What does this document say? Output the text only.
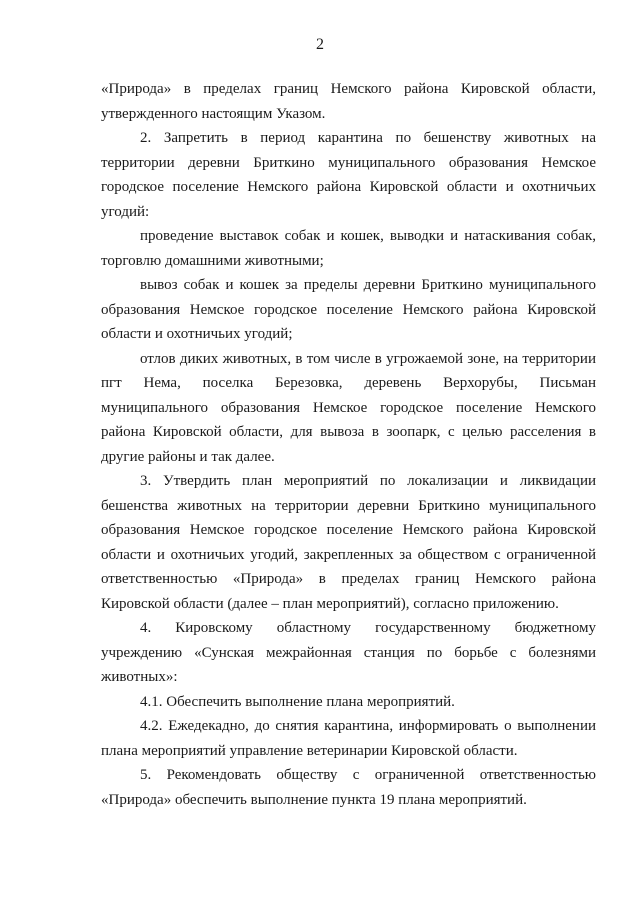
2

«Природа» в пределах границ Немского района Кировской области, утвержденного настоящим Указом.

2. Запретить в период карантина по бешенству животных на территории деревни Бриткино муниципального образования Немское городское поселение Немского района Кировской области и охотничьих угодий:

проведение выставок собак и кошек, выводки и натаскивания собак, торговлю домашними животными;

вывоз собак и кошек за пределы деревни Бриткино муниципального образования Немское городское поселение Немского района Кировской области и охотничьих угодий;

отлов диких животных, в том числе в угрожаемой зоне, на территории пгт Нема, поселка Березовка, деревень Верхорубы, Письман муниципального образования Немское городское поселение Немского района Кировской области, для вывоза в зоопарк, с целью расселения в другие районы и так далее.

3. Утвердить план мероприятий по локализации и ликвидации бешенства животных на территории деревни Бриткино муниципального образования Немское городское поселение Немского района Кировской области и охотничьих угодий, закрепленных за обществом с ограниченной ответственностью «Природа» в пределах границ Немского района Кировской области (далее – план мероприятий), согласно приложению.

4. Кировскому областному государственному бюджетному учреждению «Сунская межрайонная станция по борьбе с болезнями животных»:

4.1. Обеспечить выполнение плана мероприятий.

4.2. Ежедекадно, до снятия карантина, информировать о выполнении плана мероприятий управление ветеринарии Кировской области.

5. Рекомендовать обществу с ограниченной ответственностью «Природа» обеспечить выполнение пункта 19 плана мероприятий.
